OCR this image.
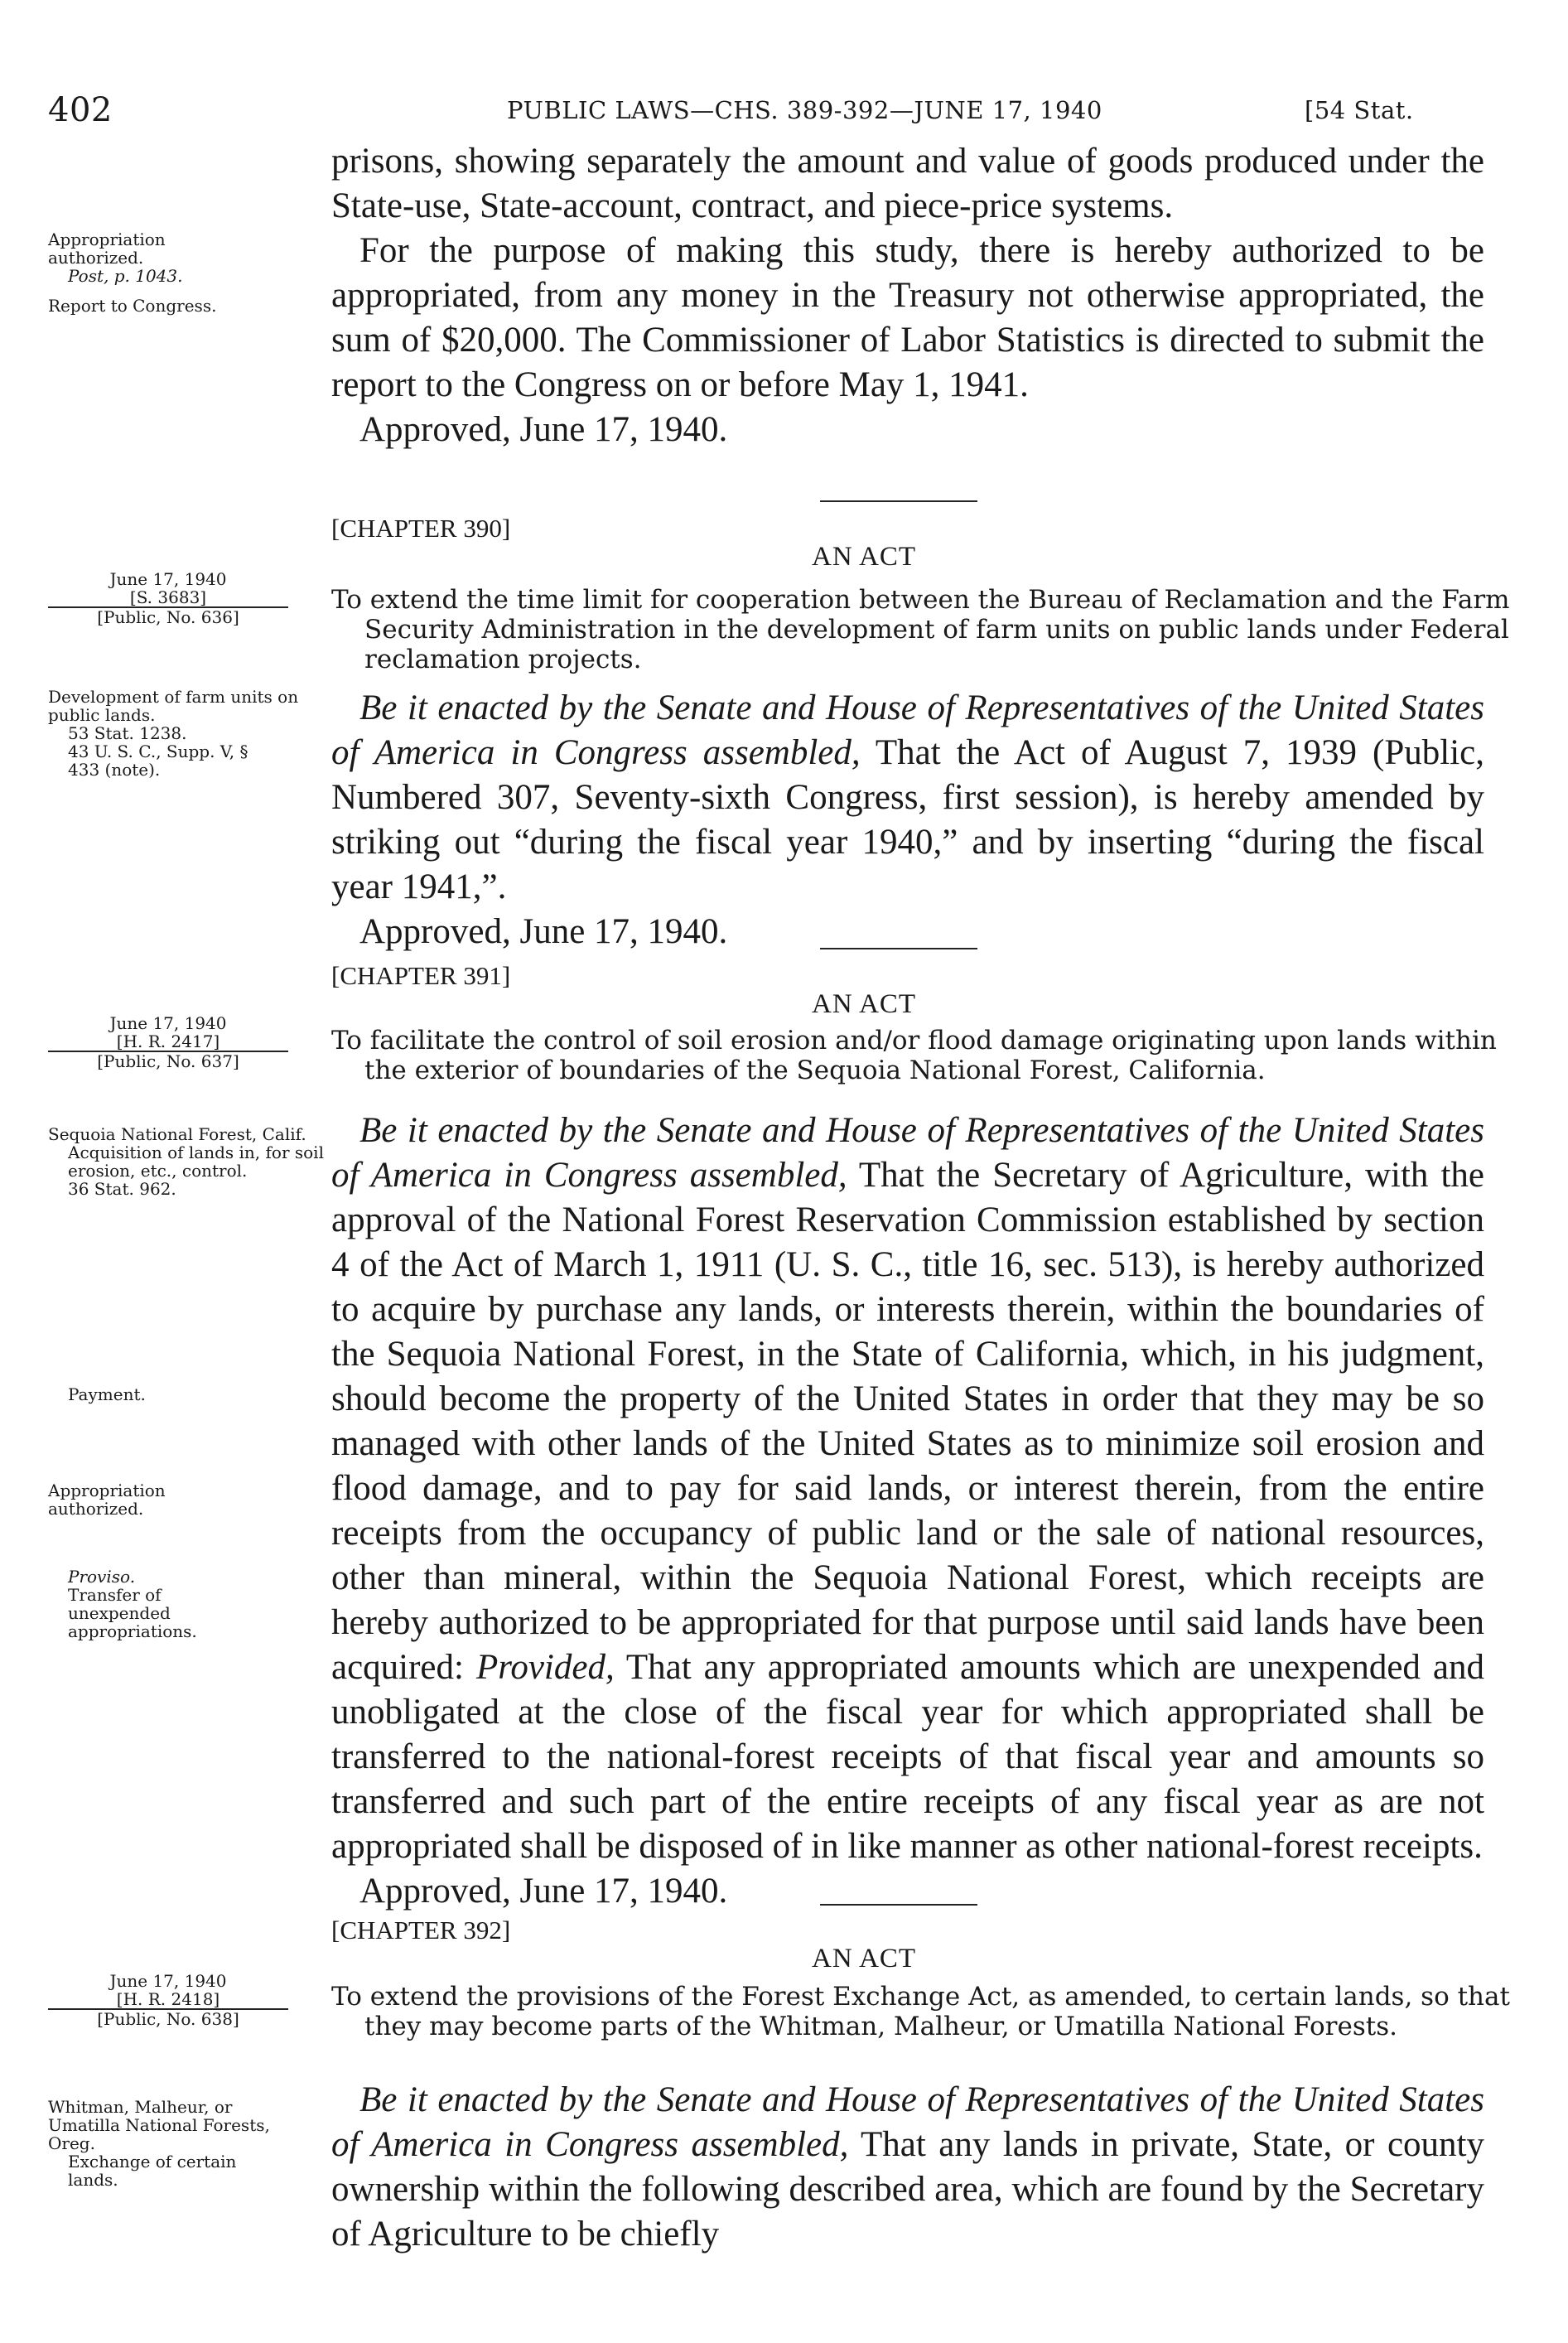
402	PUBLIC LAWS—CHS. 389-392—JUNE 17, 1940	[54 Stat.

prisons, showing separately the amount and value of goods produced under the State-use, State-account, contract, and piece-price systems.

For the purpose of making this study, there is hereby authorized to be appropriated, from any money in the Treasury not otherwise appropriated, the sum of $20,000. The Commissioner of Labor Statistics is directed to submit the report to the Congress on or before May 1, 1941.

Approved, June 17, 1940.

Appropriation authorized.
Post, p. 1043.
Report to Congress.
[CHAPTER 390]
AN ACT

To extend the time limit for cooperation between the Bureau of Reclamation and the Farm Security Administration in the development of farm units on public lands under Federal reclamation projects.

June 17, 1940
[S. 3683]
[Public, No. 636]
Development of farm units on public lands.
53 Stat. 1238.
43 U. S. C., Supp. V, § 433 (note).

Be it enacted by the Senate and House of Representatives of the United States of America in Congress assembled, That the Act of August 7, 1939 (Public, Numbered 307, Seventy-sixth Congress, first session), is hereby amended by striking out “during the fiscal year 1940,” and by inserting “during the fiscal year 1941,”.

Approved, June 17, 1940.

[CHAPTER 391]
AN ACT

To facilitate the control of soil erosion and/or flood damage originating upon lands within the exterior of boundaries of the Sequoia National Forest, California.

June 17, 1940
[H. R. 2417]
[Public, No. 637]
Sequoia National Forest, Calif.
Acquisition of lands in, for soil erosion, etc., control.
36 Stat. 962.
Payment.
Appropriation authorized.
Proviso.
Transfer of unexpended appropriations.

Be it enacted by the Senate and House of Representatives of the United States of America in Congress assembled, That the Secretary of Agriculture, with the approval of the National Forest Reservation Commission established by section 4 of the Act of March 1, 1911 (U. S. C., title 16, sec. 513), is hereby authorized to acquire by purchase any lands, or interests therein, within the boundaries of the Sequoia National Forest, in the State of California, which, in his judgment, should become the property of the United States in order that they may be so managed with other lands of the United States as to minimize soil erosion and flood damage, and to pay for said lands, or interest therein, from the entire receipts from the occupancy of public land or the sale of national resources, other than mineral, within the Sequoia National Forest, which receipts are hereby authorized to be appropriated for that purpose until said lands have been acquired: Provided, That any appropriated amounts which are unexpended and unobligated at the close of the fiscal year for which appropriated shall be transferred to the national-forest receipts of that fiscal year and amounts so transferred and such part of the entire receipts of any fiscal year as are not appropriated shall be disposed of in like manner as other national-forest receipts.

Approved, June 17, 1940.

[CHAPTER 392]
AN ACT

To extend the provisions of the Forest Exchange Act, as amended, to certain lands, so that they may become parts of the Whitman, Malheur, or Umatilla National Forests.

June 17, 1940
[H. R. 2418]
[Public, No. 638]
Whitman, Malheur, or Umatilla National Forests, Oreg.
Exchange of certain lands.

Be it enacted by the Senate and House of Representatives of the United States of America in Congress assembled, That any lands in private, State, or county ownership within the following described area, which are found by the Secretary of Agriculture to be chiefly
